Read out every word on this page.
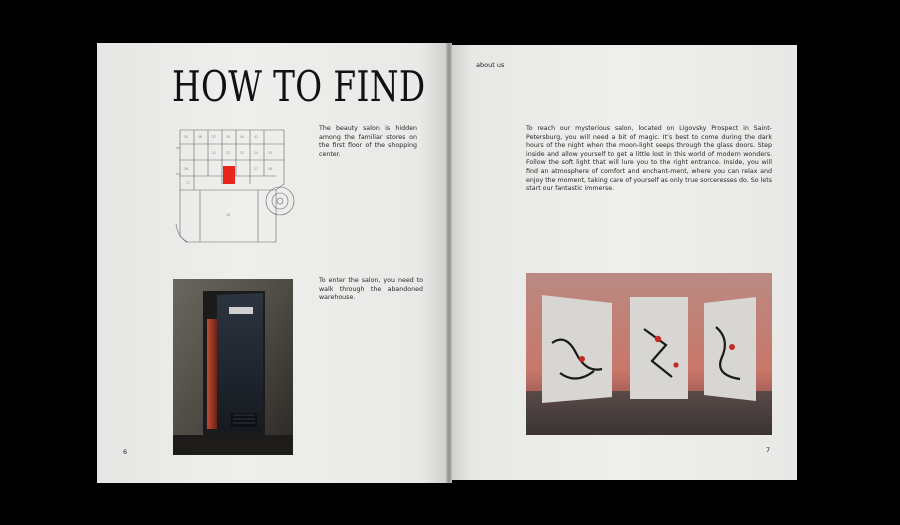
HOW TO FIND
35	36	37	39	40	41
21	22	23	24	25
26	27	28
18
17

The beauty salon is hidden among the familiar stores on the first floor of the shopping center.

To enter the salon, you need to walk through the abandoned warehouse.

6
about us

To reach our mysterious salon, located on Ligovsky Prospect in Saint-Petersburg, you will need a bit of magic. It’s best to come during the dark hours of the night when the moon-light seeps through the glass doors. Step inside and allow yourself to get a little lost in this world of modern wonders. Follow the soft light that will lure you to the right entrance. Inside, you will find an atmosphere of comfort and enchant-ment, where you can relax and enjoy the moment, taking care of yourself as only true sorceresses do. So lets start our fantastic immerse.

7
